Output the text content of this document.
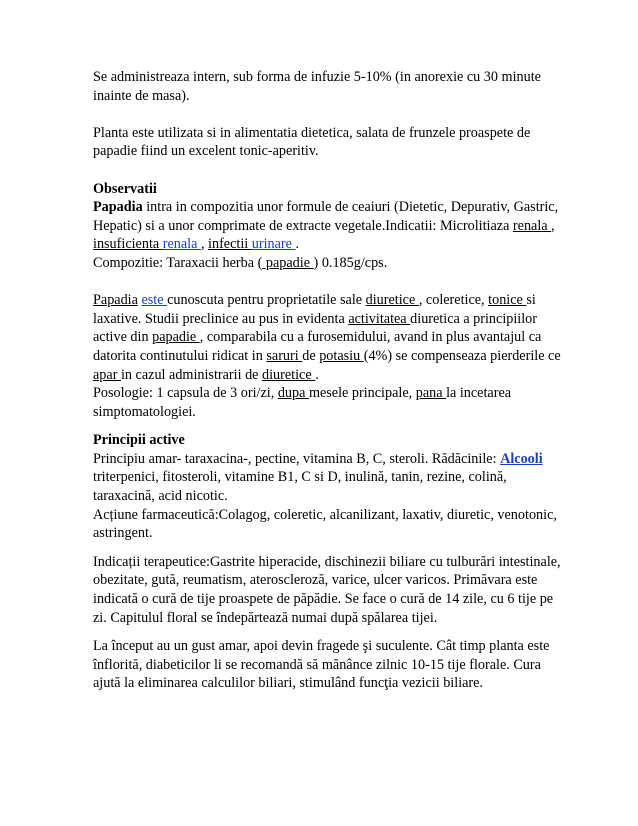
Se administreaza intern, sub forma de infuzie 5-10% (in anorexie cu 30 minute inainte de masa).

Planta este utilizata si in alimentatia dietetica, salata de frunzele proaspete de papadie fiind un excelent tonic-aperitiv.

Observatii

Papadia intra in compozitia unor formule de ceaiuri (Dietetic, Depurativ, Gastric, Hepatic) si a unor comprimate de extracte vegetale.Indicatii: Microlitiaza renala , insuficienta renala , infectii urinare .

Compozitie: Taraxacii herba ( papadie ) 0.185g/cps.

Papadia este cunoscuta pentru proprietatile sale diuretice , coleretice, tonice si laxative. Studii preclinice au pus in evidenta activitatea diuretica a principiilor active din papadie , comparabila cu a furosemidului, avand in plus avantajul ca datorita continutului ridicat in saruri de potasiu (4%) se compenseaza pierderile ce apar in cazul administrarii de diuretice .
Posologie: 1 capsula de 3 ori/zi, dupa mesele principale, pana la incetarea simptomatologiei.

Principii active

Principiu amar- taraxacina-, pectine, vitamina B, C, steroli. Rădăcinile: Alcooli triterpenici, fitosteroli, vitamine B1, C si D, inulină, tanin, rezine, colină, taraxacină, acid nicotic.

Acțiune farmaceutică:Colagog, coleretic, alcanilizant, laxativ, diuretic, venotonic, astringent.

Indicații terapeutice:Gastrite hiperacide, dischinezii biliare cu tulburări intestinale, obezitate, gută, reumatism, ateroscleroză, varice, ulcer varicos. Primăvara este indicată o cură de tije proaspete de păpădie. Se face o cură de 14 zile, cu 6 tije pe zi. Capitulul floral se îndepărtează numai după spălarea tijei.

La început au un gust amar, apoi devin fragede şi suculente. Cât timp planta este înflorită, diabeticilor li se recomandă să mănânce zilnic 10-15 tije florale. Cura ajută la eliminarea calculilor biliari, stimulând funcţia vezicii biliare.
